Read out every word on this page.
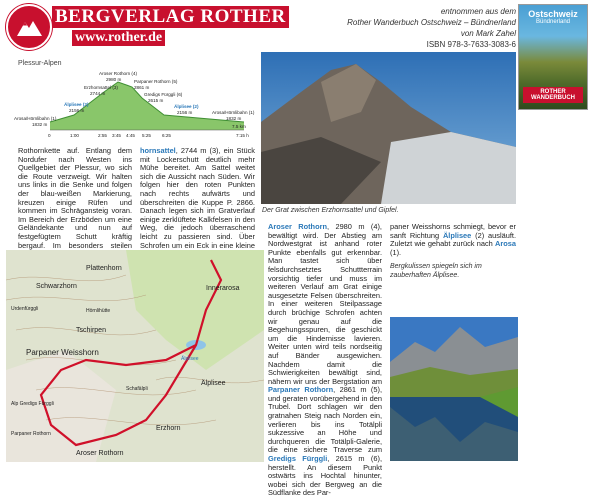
BERGVERLAG ROTHER
www.rother.de
entnommen aus dem
Rother Wanderbuch Ostschweiz – Bündnerland
von Mark Zahel
ISBN 978-3-7633-3083-6
Ostschweiz
Bündnerland
ROTHER WANDERBUCH
Plessur-Alpen
Arosa/Hörnlibahn (1)
1832 m
Älplisee (2)
2156 m
Erzhornsattel (3)
2744 m
Aroser Rothorn (4)
2980 m	Parpaner Rothorn (5)
2861 m
Gredigs Fürggli (6)
2615 m
Älplisee (2)
2156 m	Arosa/Hörnlibahn (1)
1832 m
7.5 km
0	1:00	2:55 3:45 4:45 5:25 6:25	7:15 h
Rothornkette auf. Entlang dem Nordufer nach Westen ins Quellgebiet der Plessur, wo sich die Route verzweigt. Wir halten uns links in die Senke und folgen der blau-weißen Markierung, kreuzen einige Rüfen und kommen im Schrägansteig voran. Im Bereich der Erzböden um eine Geländekante und nun auf festgefügtem Schutt kräftig bergauf. Im besonders steilen
hornsattel, 2744 m (3), ein Stück mit Lockerschutt deutlich mehr Mühe bereitet. Am Sattel weitet sich die Aussicht nach Süden. Wir folgen hier den roten Punkten nach rechts aufwärts und überschreiten die Kuppe P. 2866. Danach legen sich im Gratverlauf einige zerklüftete Kalkfelsen in den Weg, die jedoch überraschend leicht zu passieren sind. Über Schrofen um ein Eck in eine kleine
Der Grat zwischen Erzhornsattel und Gipfel.
Aroser Rothorn, 2980 m (4), bewältigt wird. Der Abstieg am Nordwestgrat ist anhand roter Punkte ebenfalls gut erkennbar. Man tastet sich über felsdurchsetztes Schuttterrain vorsichtig tiefer und muss im weiteren Verlauf am Grat einige ausgesetzte Felsen überschreiten. In einer weiteren Steilpassage durch brüchige Schrofen achten wir genau auf die Begehungsspuren, die geschickt um die Hindernisse lavieren. Weiter unten wird teils nordseitig auf Bänder ausgewichen. Nachdem damit die Schwierigkeiten bewältigt sind, nähern wir uns der Bergstation am Parpaner Rothorn, 2861 m (5), und geraten vorübergehend in den Trubel. Dort schlagen wir den gratnahen Steig nach Norden ein, verlieren bis ins Totälpli sukzessive an Höhe und durchqueren die Totälpli-Galerie, die eine sichere Traverse zum Gredigs Fürggli, 2615 m (6), herstellt. An diesem Punkt ostwärts ins Hochtal hinunter, wobei sich der Bergweg an die Südflanke des Par-
paner Weisshorns schmiegt, bevor er sanft Richtung Älplisee (2) ausläuft. Zuletzt wie gehabt zurück nach Arosa (1).
Bergkulissen spiegeln sich im zauberhaften Älplisee.
Plattenhorn
Schwarzhorn
Hörnlihütte
Tschirpen
Parpaner Weisshorn
Innerarosa
Älplisee
Älplisee
Erzhorn
Aroser Rothorn
Parpaner Rothorn
Urdenfürggli
Schafälpli
Alp Gredigs Fürggli
